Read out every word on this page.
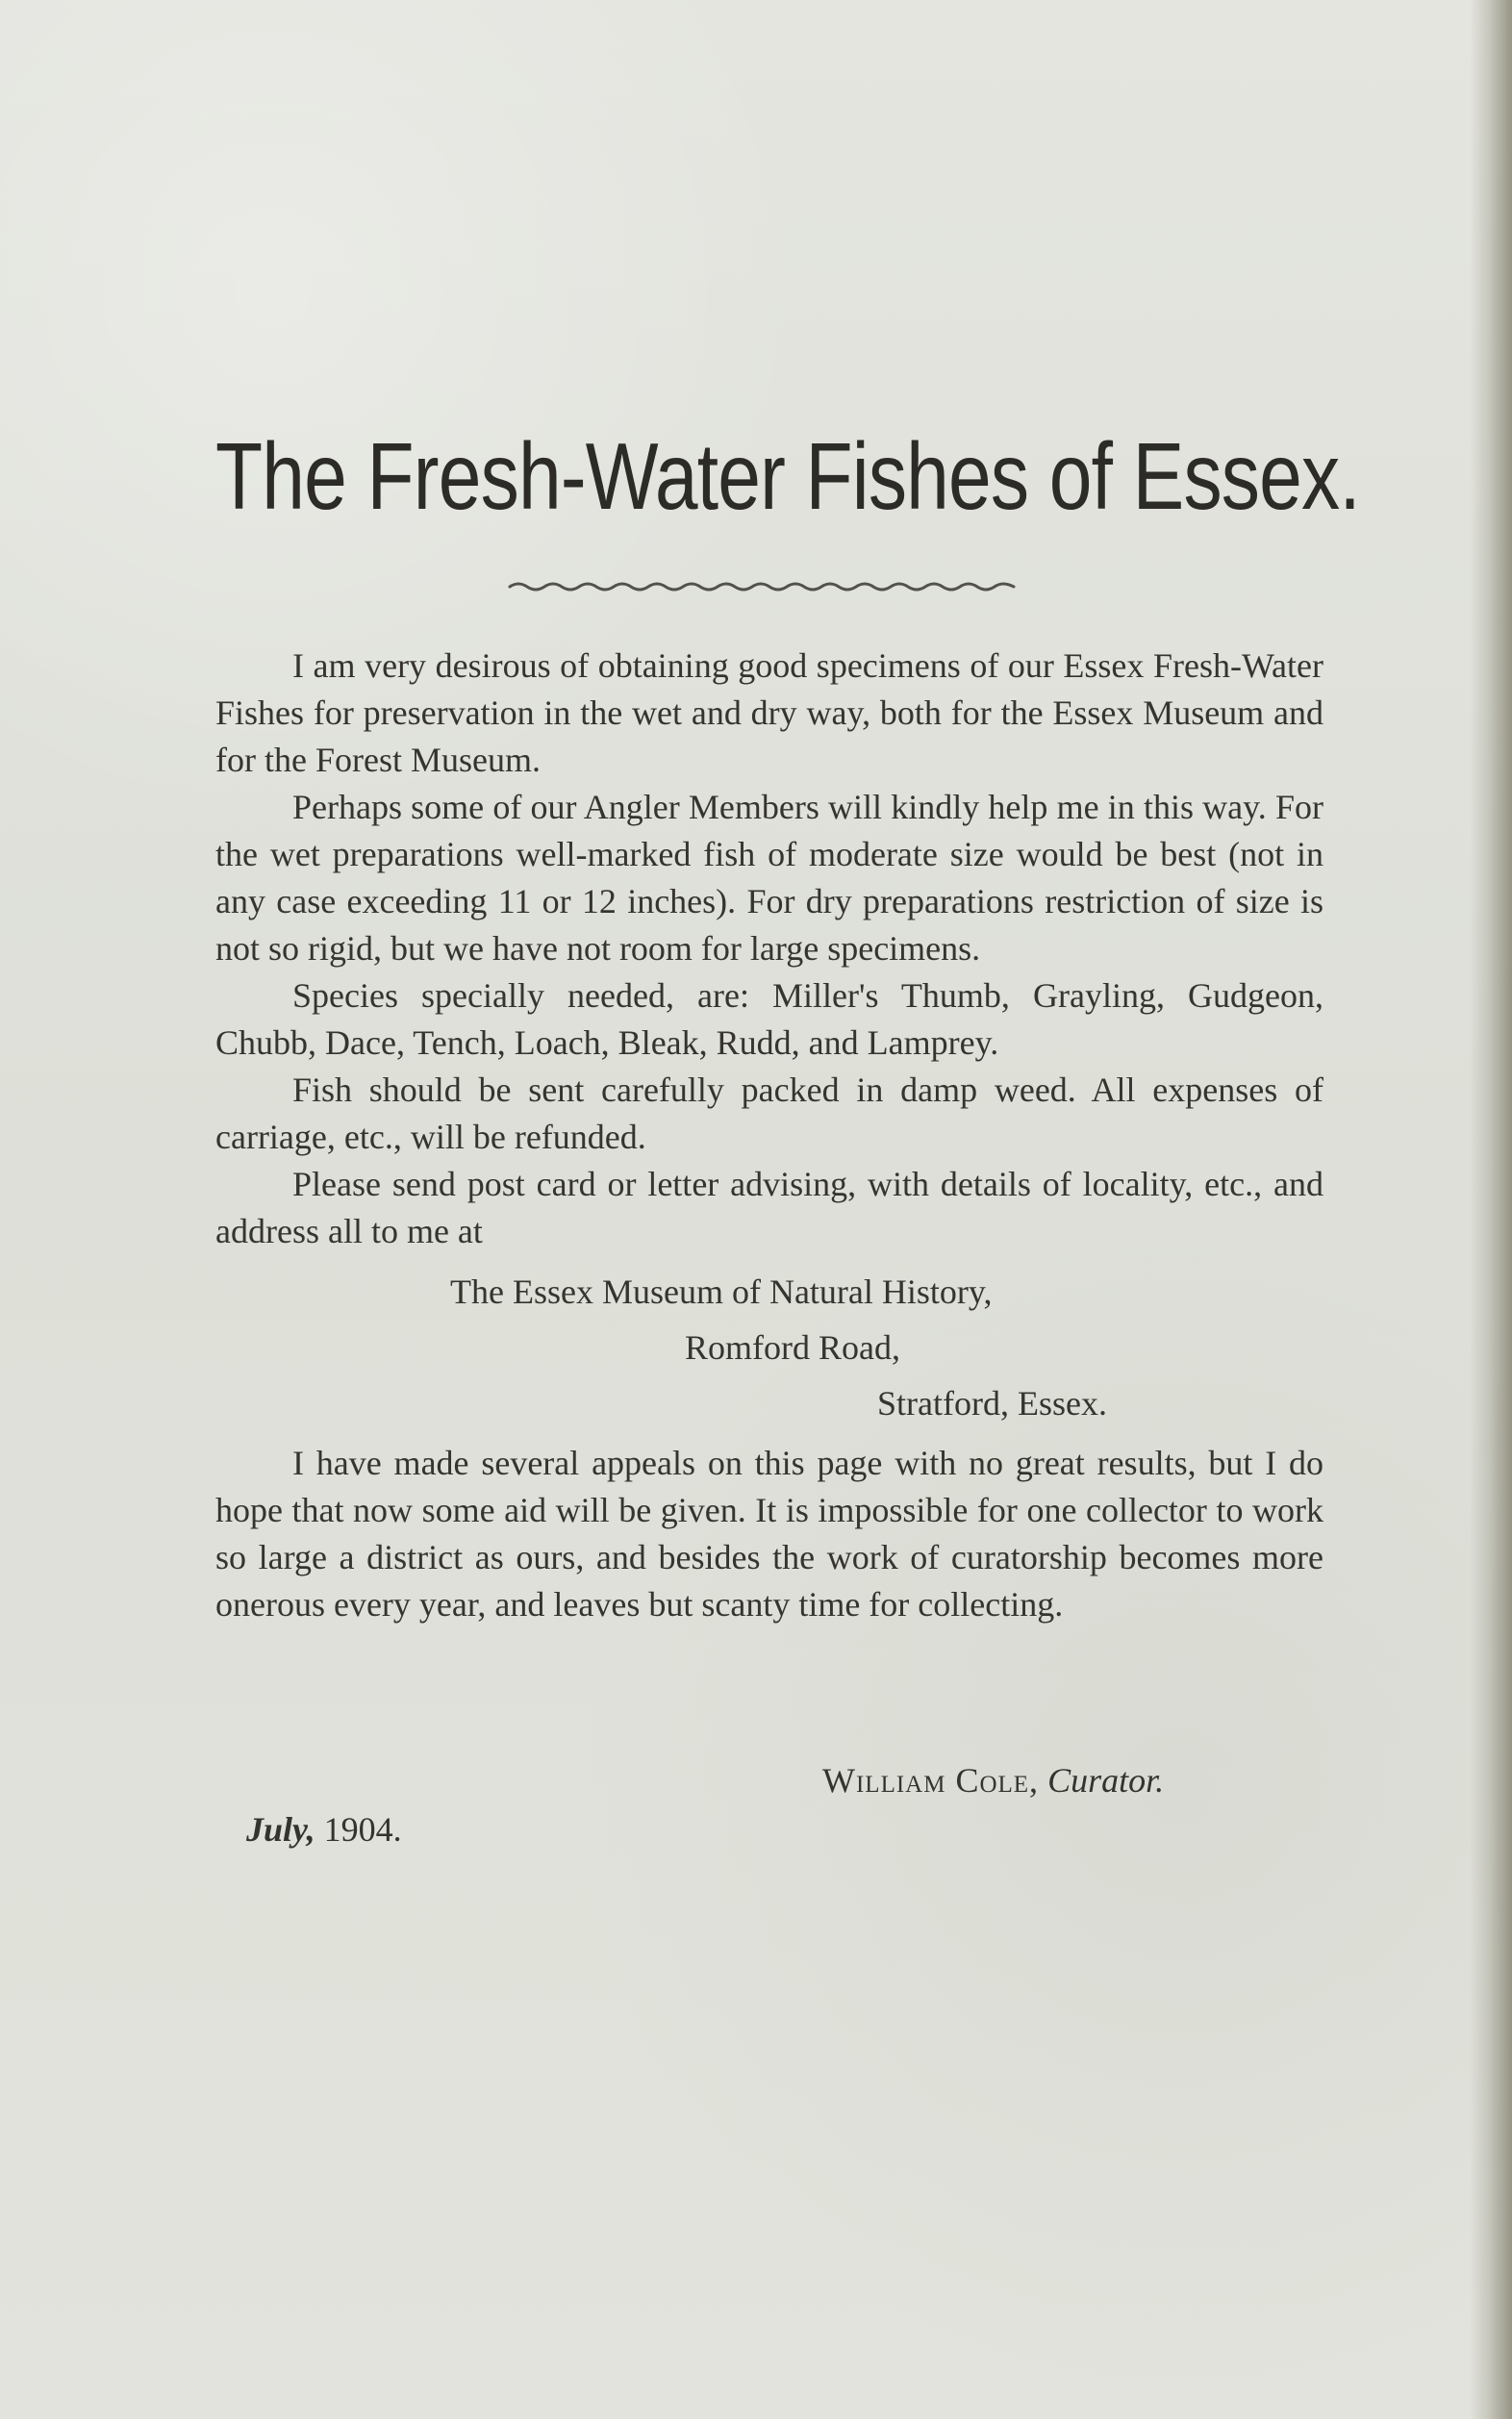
The Fresh-Water Fishes of Essex.

I am very desirous of obtaining good specimens of our Essex Fresh-Water Fishes for preservation in the wet and dry way, both for the Essex Museum and for the Forest Museum.

Perhaps some of our Angler Members will kindly help me in this way. For the wet preparations well-marked fish of moderate size would be best (not in any case exceeding 11 or 12 inches). For dry preparations restriction of size is not so rigid, but we have not room for large specimens.

Species specially needed, are: Miller's Thumb, Grayling, Gudgeon, Chubb, Dace, Tench, Loach, Bleak, Rudd, and Lamprey.

Fish should be sent carefully packed in damp weed. All expenses of carriage, etc., will be refunded.

Please send post card or letter advising, with details of locality, etc., and address all to me at

The Essex Museum of Natural History,
Romford Road,
Stratford, Essex.

I have made several appeals on this page with no great results, but I do hope that now some aid will be given. It is impossible for one collector to work so large a district as ours, and besides the work of curatorship becomes more onerous every year, and leaves but scanty time for collecting.

William Cole, Curator.
July, 1904.
